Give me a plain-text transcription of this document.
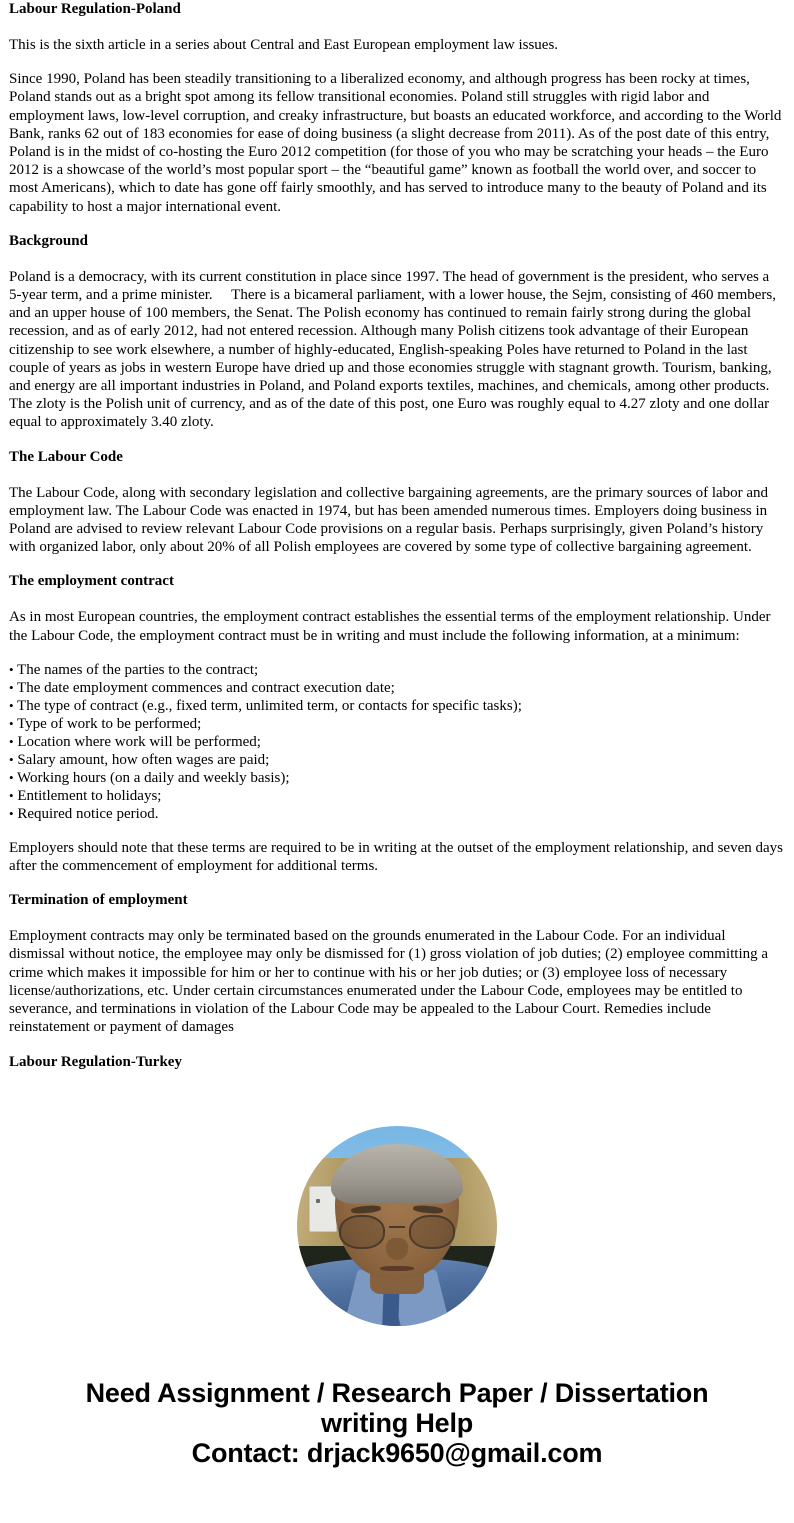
Labour Regulation-Poland

This is the sixth article in a series about Central and East European employment law issues.

Since 1990, Poland has been steadily transitioning to a liberalized economy, and although progress has been rocky at times, Poland stands out as a bright spot among its fellow transitional economies. Poland still struggles with rigid labor and employment laws, low-level corruption, and creaky infrastructure, but boasts an educated workforce, and according to the World Bank, ranks 62 out of 183 economies for ease of doing business (a slight decrease from 2011). As of the post date of this entry, Poland is in the midst of co-hosting the Euro 2012 competition (for those of you who may be scratching your heads – the Euro 2012 is a showcase of the world’s most popular sport – the “beautiful game” known as football the world over, and soccer to most Americans), which to date has gone off fairly smoothly, and has served to introduce many to the beauty of Poland and its capability to host a major international event.

Background

Poland is a democracy, with its current constitution in place since 1997. The head of government is the president, who serves a 5-year term, and a prime minister.  There is a bicameral parliament, with a lower house, the Sejm, consisting of 460 members, and an upper house of 100 members, the Senat. The Polish economy has continued to remain fairly strong during the global recession, and as of early 2012, had not entered recession. Although many Polish citizens took advantage of their European citizenship to see work elsewhere, a number of highly-educated, English-speaking Poles have returned to Poland in the last couple of years as jobs in western Europe have dried up and those economies struggle with stagnant growth. Tourism, banking, and energy are all important industries in Poland, and Poland exports textiles, machines, and chemicals, among other products. The zloty is the Polish unit of currency, and as of the date of this post, one Euro was roughly equal to 4.27 zloty and one dollar equal to approximately 3.40 zloty.

The Labour Code

The Labour Code, along with secondary legislation and collective bargaining agreements, are the primary sources of labor and employment law. The Labour Code was enacted in 1974, but has been amended numerous times. Employers doing business in Poland are advised to review relevant Labour Code provisions on a regular basis. Perhaps surprisingly, given Poland’s history with organized labor, only about 20% of all Polish employees are covered by some type of collective bargaining agreement.

The employment contract

As in most European countries, the employment contract establishes the essential terms of the employment relationship. Under the Labour Code, the employment contract must be in writing and must include the following information, at a minimum:

• The names of the parties to the contract;
• The date employment commences and contract execution date;
• The type of contract (e.g., fixed term, unlimited term, or contacts for specific tasks);
• Type of work to be performed;
• Location where work will be performed;
• Salary amount, how often wages are paid;
• Working hours (on a daily and weekly basis);
• Entitlement to holidays;
• Required notice period.

Employers should note that these terms are required to be in writing at the outset of the employment relationship, and seven days after the commencement of employment for additional terms.

Termination of employment

Employment contracts may only be terminated based on the grounds enumerated in the Labour Code. For an individual dismissal without notice, the employee may only be dismissed for (1) gross violation of job duties; (2) employee committing a crime which makes it impossible for him or her to continue with his or her job duties; or (3) employee loss of necessary license/authorizations, etc. Under certain circumstances enumerated under the Labour Code, employees may be entitled to severance, and terminations in violation of the Labour Code may be appealed to the Labour Court. Remedies include reinstatement or payment of damages

Labour Regulation-Turkey
Need Assignment / Research Paper / Dissertation
writing Help
Contact: drjack9650@gmail.com
